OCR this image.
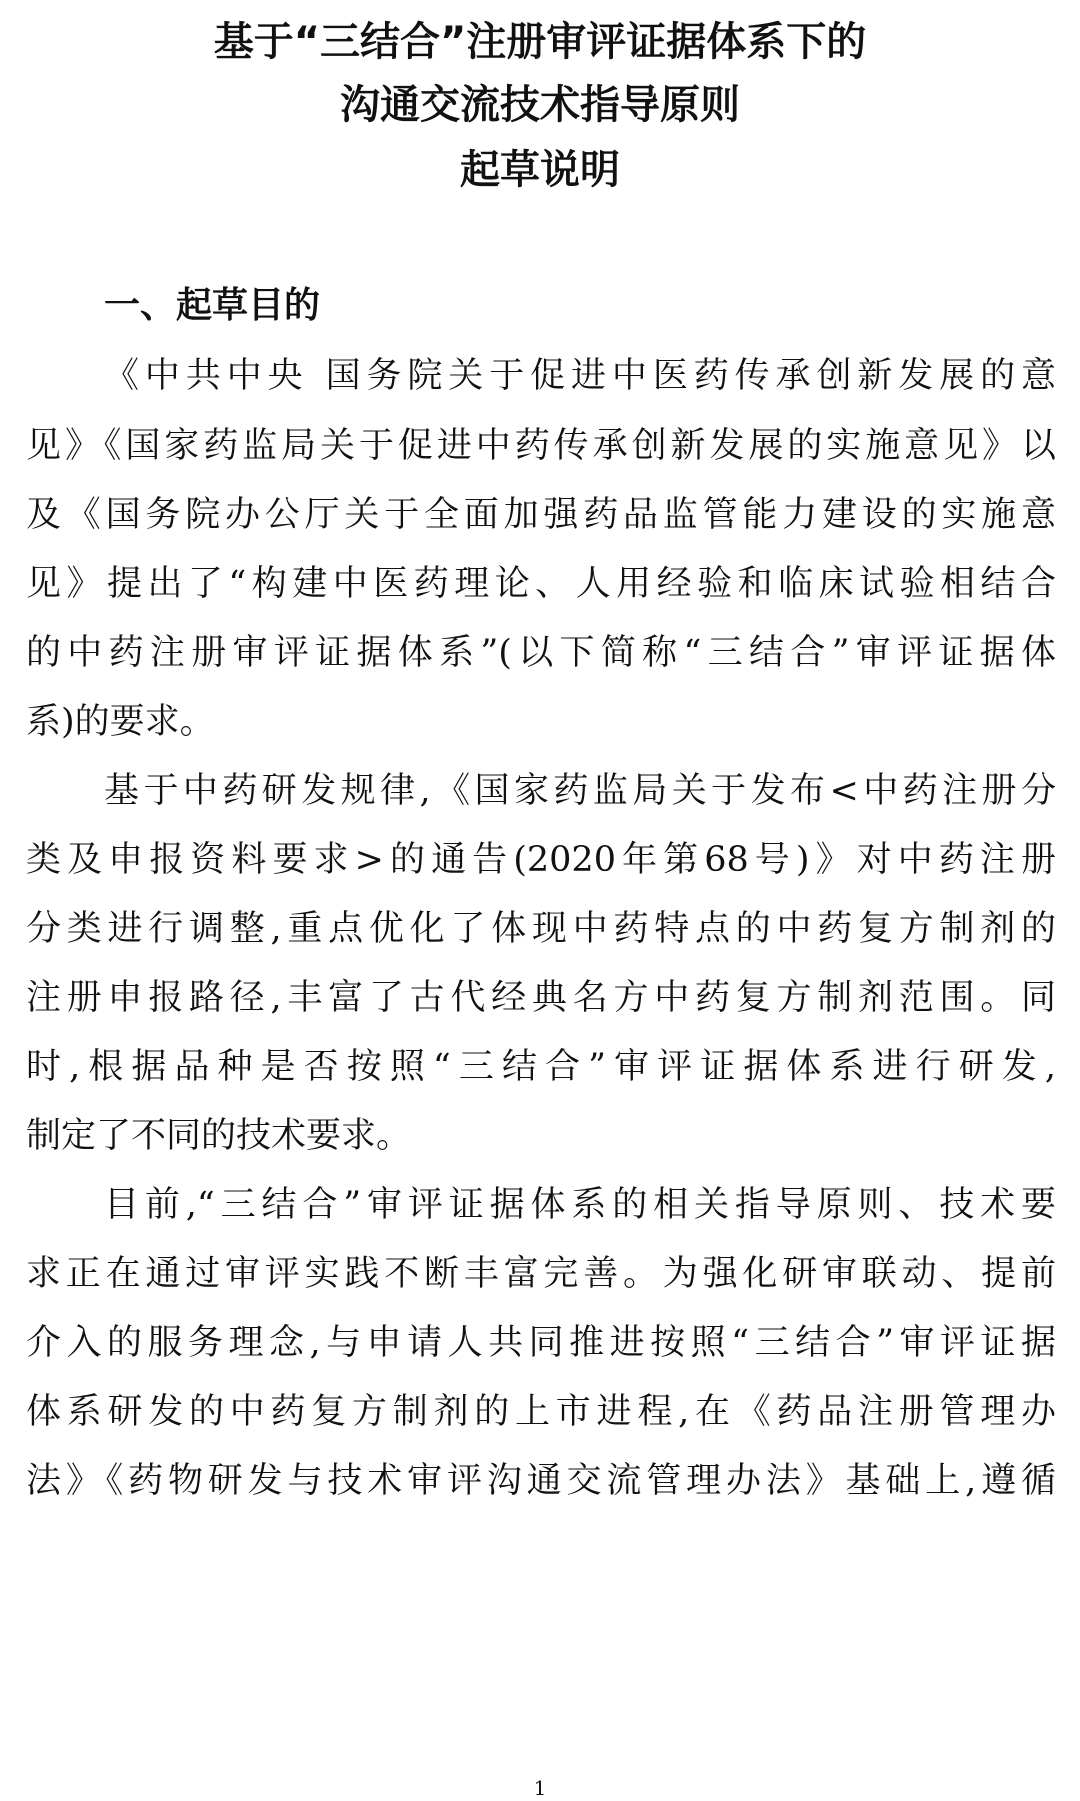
基于“三结合”注册审评证据体系下的
沟通交流技术指导原则
起草说明
一、起草目的
《中共中央 国务院关于促进中医药传承创新发展的意
见》《国家药监局关于促进中药传承创新发展的实施意见》以
及《国务院办公厅关于全面加强药品监管能力建设的实施意
见》提出了“构建中医药理论、人用经验和临床试验相结合
的中药注册审评证据体系”(以下简称“三结合”审评证据体
系)的要求。
基于中药研发规律,《国家药监局关于发布<中药注册分
类及申报资料要求>的通告(2020年第68号)》对中药注册
分类进行调整,重点优化了体现中药特点的中药复方制剂的
注册申报路径,丰富了古代经典名方中药复方制剂范围。同
时,根据品种是否按照“三结合”审评证据体系进行研发,
制定了不同的技术要求。
目前,“三结合”审评证据体系的相关指导原则、技术要
求正在通过审评实践不断丰富完善。为强化研审联动、提前
介入的服务理念,与申请人共同推进按照“三结合”审评证据
体系研发的中药复方制剂的上市进程,在《药品注册管理办
法》《药物研发与技术审评沟通交流管理办法》基础上,遵循
1
